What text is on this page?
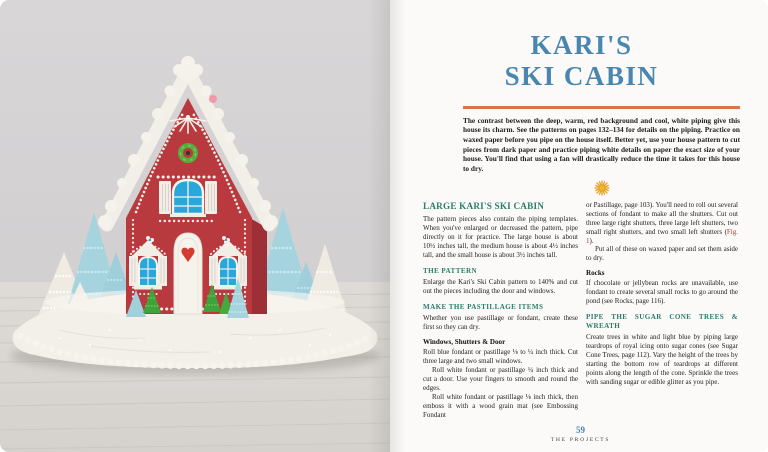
KARI'S
SKI CABIN

The contrast between the deep, warm, red background and cool, white piping give this house its charm. See the patterns on pages 132–134 for details on the piping. Practice on waxed paper before you pipe on the house itself. Better yet, use your house pattern to cut pieces from dark paper and practice piping white details on paper the exact size of your house. You'll find that using a fan will drastically reduce the time it takes for this house to dry.

LARGE KARI'S SKI CABIN

The pattern pieces also contain the piping templates. When you've enlarged or decreased the pattern, pipe directly on it for practice. The large house is about 10½ inches tall, the medium house is about 4½ inches tall, and the small house is about 3½ inches tall.

THE PATTERN

Enlarge the Kari's Ski Cabin pattern to 140% and cut out the pieces including the door and windows.

MAKE THE PASTILLAGE ITEMS

Whether you use pastillage or fondant, create these first so they can dry.

Windows, Shutters & Door

Roll blue fondant or pastillage ⅛ to ¼ inch thick. Cut three large and two small windows.

Roll white fondant or pastillage ¼ inch thick and cut a door. Use your fingers to smooth and round the edges.

Roll white fondant or pastillage ⅛ inch thick, then emboss it with a wood grain mat (see Embossing Fondant

or Pastillage, page 103). You'll need to roll out several sections of fondant to make all the shutters. Cut out three large right shutters, three large left shutters, two small right shutters, and two small left shutters (Fig. 1).

Put all of these on waxed paper and set them aside to dry.

Rocks

If chocolate or jellybean rocks are unavailable, use fondant to create several small rocks to go around the pond (see Rocks, page 116).

PIPE THE SUGAR CONE TREES & WREATH

Create trees in white and light blue by piping large teardrops of royal icing onto sugar cones (see Sugar Cone Trees, page 112). Vary the height of the trees by starting the bottom row of teardrops at different points along the length of the cone. Sprinkle the trees with sanding sugar or edible glitter as you pipe.

59
THE PROJECTS
